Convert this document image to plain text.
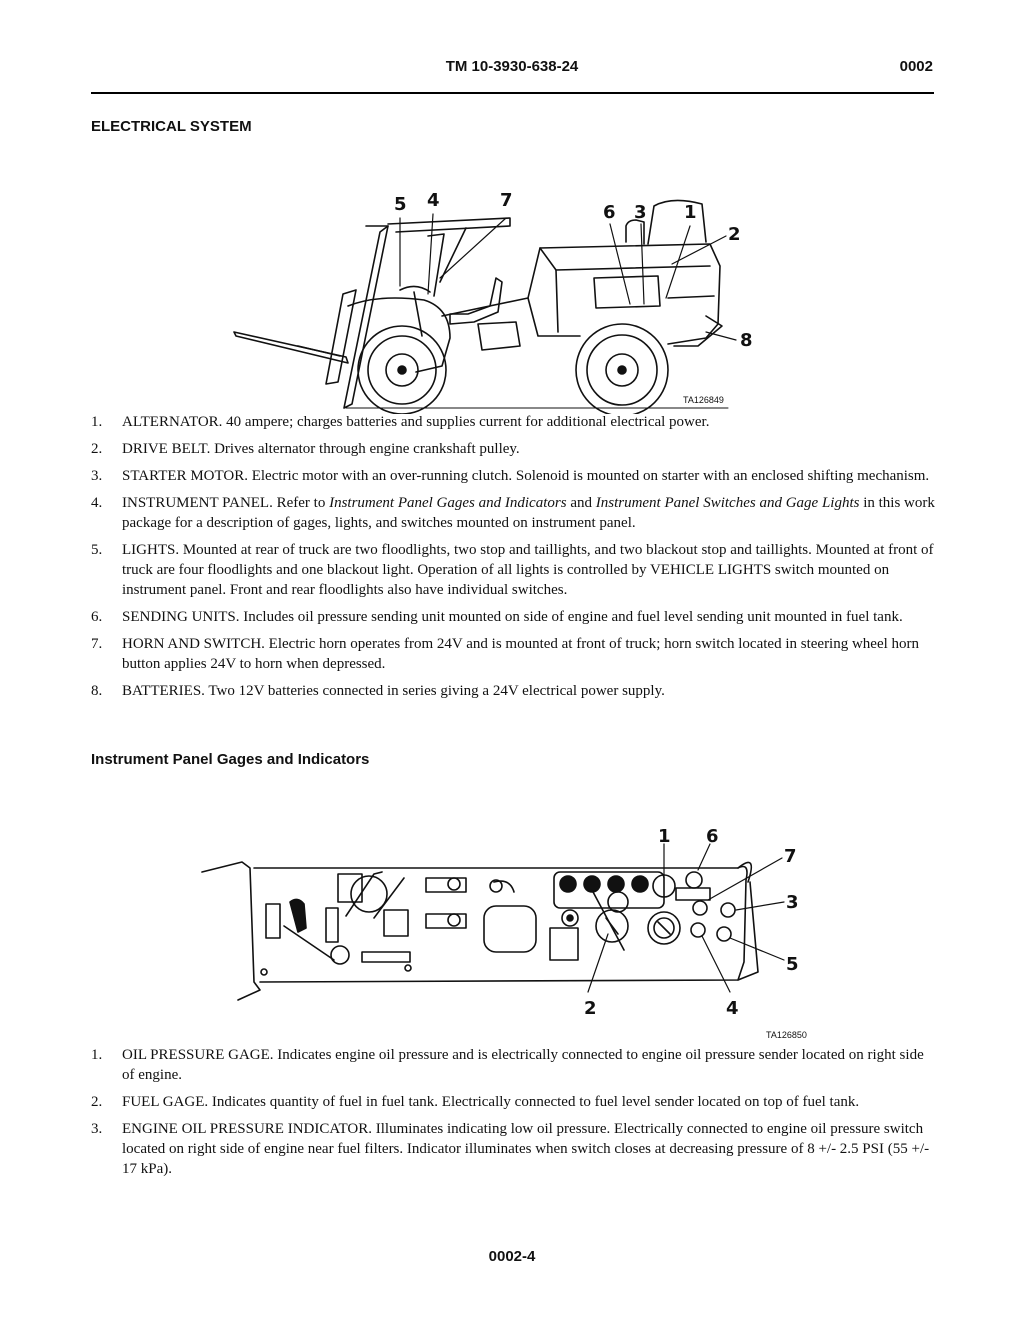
TM 10-3930-638-24	0002
ELECTRICAL SYSTEM
5 4	7
6 3 1
2
8
TA126849
1. ALTERNATOR. 40 ampere; charges batteries and supplies current for additional electrical power.
2. DRIVE BELT. Drives alternator through engine crankshaft pulley.
3. STARTER MOTOR. Electric motor with an over-running clutch. Solenoid is mounted on starter with an enclosed shifting mechanism.
4. INSTRUMENT PANEL. Refer to Instrument Panel Gages and Indicators and Instrument Panel Switches and Gage Lights in this work package for a description of gages, lights, and switches mounted on instrument panel.
5. LIGHTS. Mounted at rear of truck are two floodlights, two stop and taillights, and two blackout stop and taillights. Mounted at front of truck are four floodlights and one blackout light. Operation of all lights is controlled by VEHICLE LIGHTS switch mounted on instrument panel. Front and rear floodlights also have individual switches.
6. SENDING UNITS. Includes oil pressure sending unit mounted on side of engine and fuel level sending unit mounted in fuel tank.
7. HORN AND SWITCH. Electric horn operates from 24V and is mounted at front of truck; horn switch located in steering wheel horn button applies 24V to horn when depressed.
8. BATTERIES. Two 12V batteries connected in series giving a 24V electrical power supply.
Instrument Panel Gages and Indicators
1 6
7
3
5
2	4
TA126850
1. OIL PRESSURE GAGE. Indicates engine oil pressure and is electrically connected to engine oil pressure sender located on right side of engine.
2. FUEL GAGE. Indicates quantity of fuel in fuel tank. Electrically connected to fuel level sender located on top of fuel tank.
3. ENGINE OIL PRESSURE INDICATOR. Illuminates indicating low oil pressure. Electrically connected to engine oil pressure switch located on right side of engine near fuel filters. Indicator illuminates when switch closes at decreasing pressure of 8 +/- 2.5 PSI (55 +/- 17 kPa).
0002-4
